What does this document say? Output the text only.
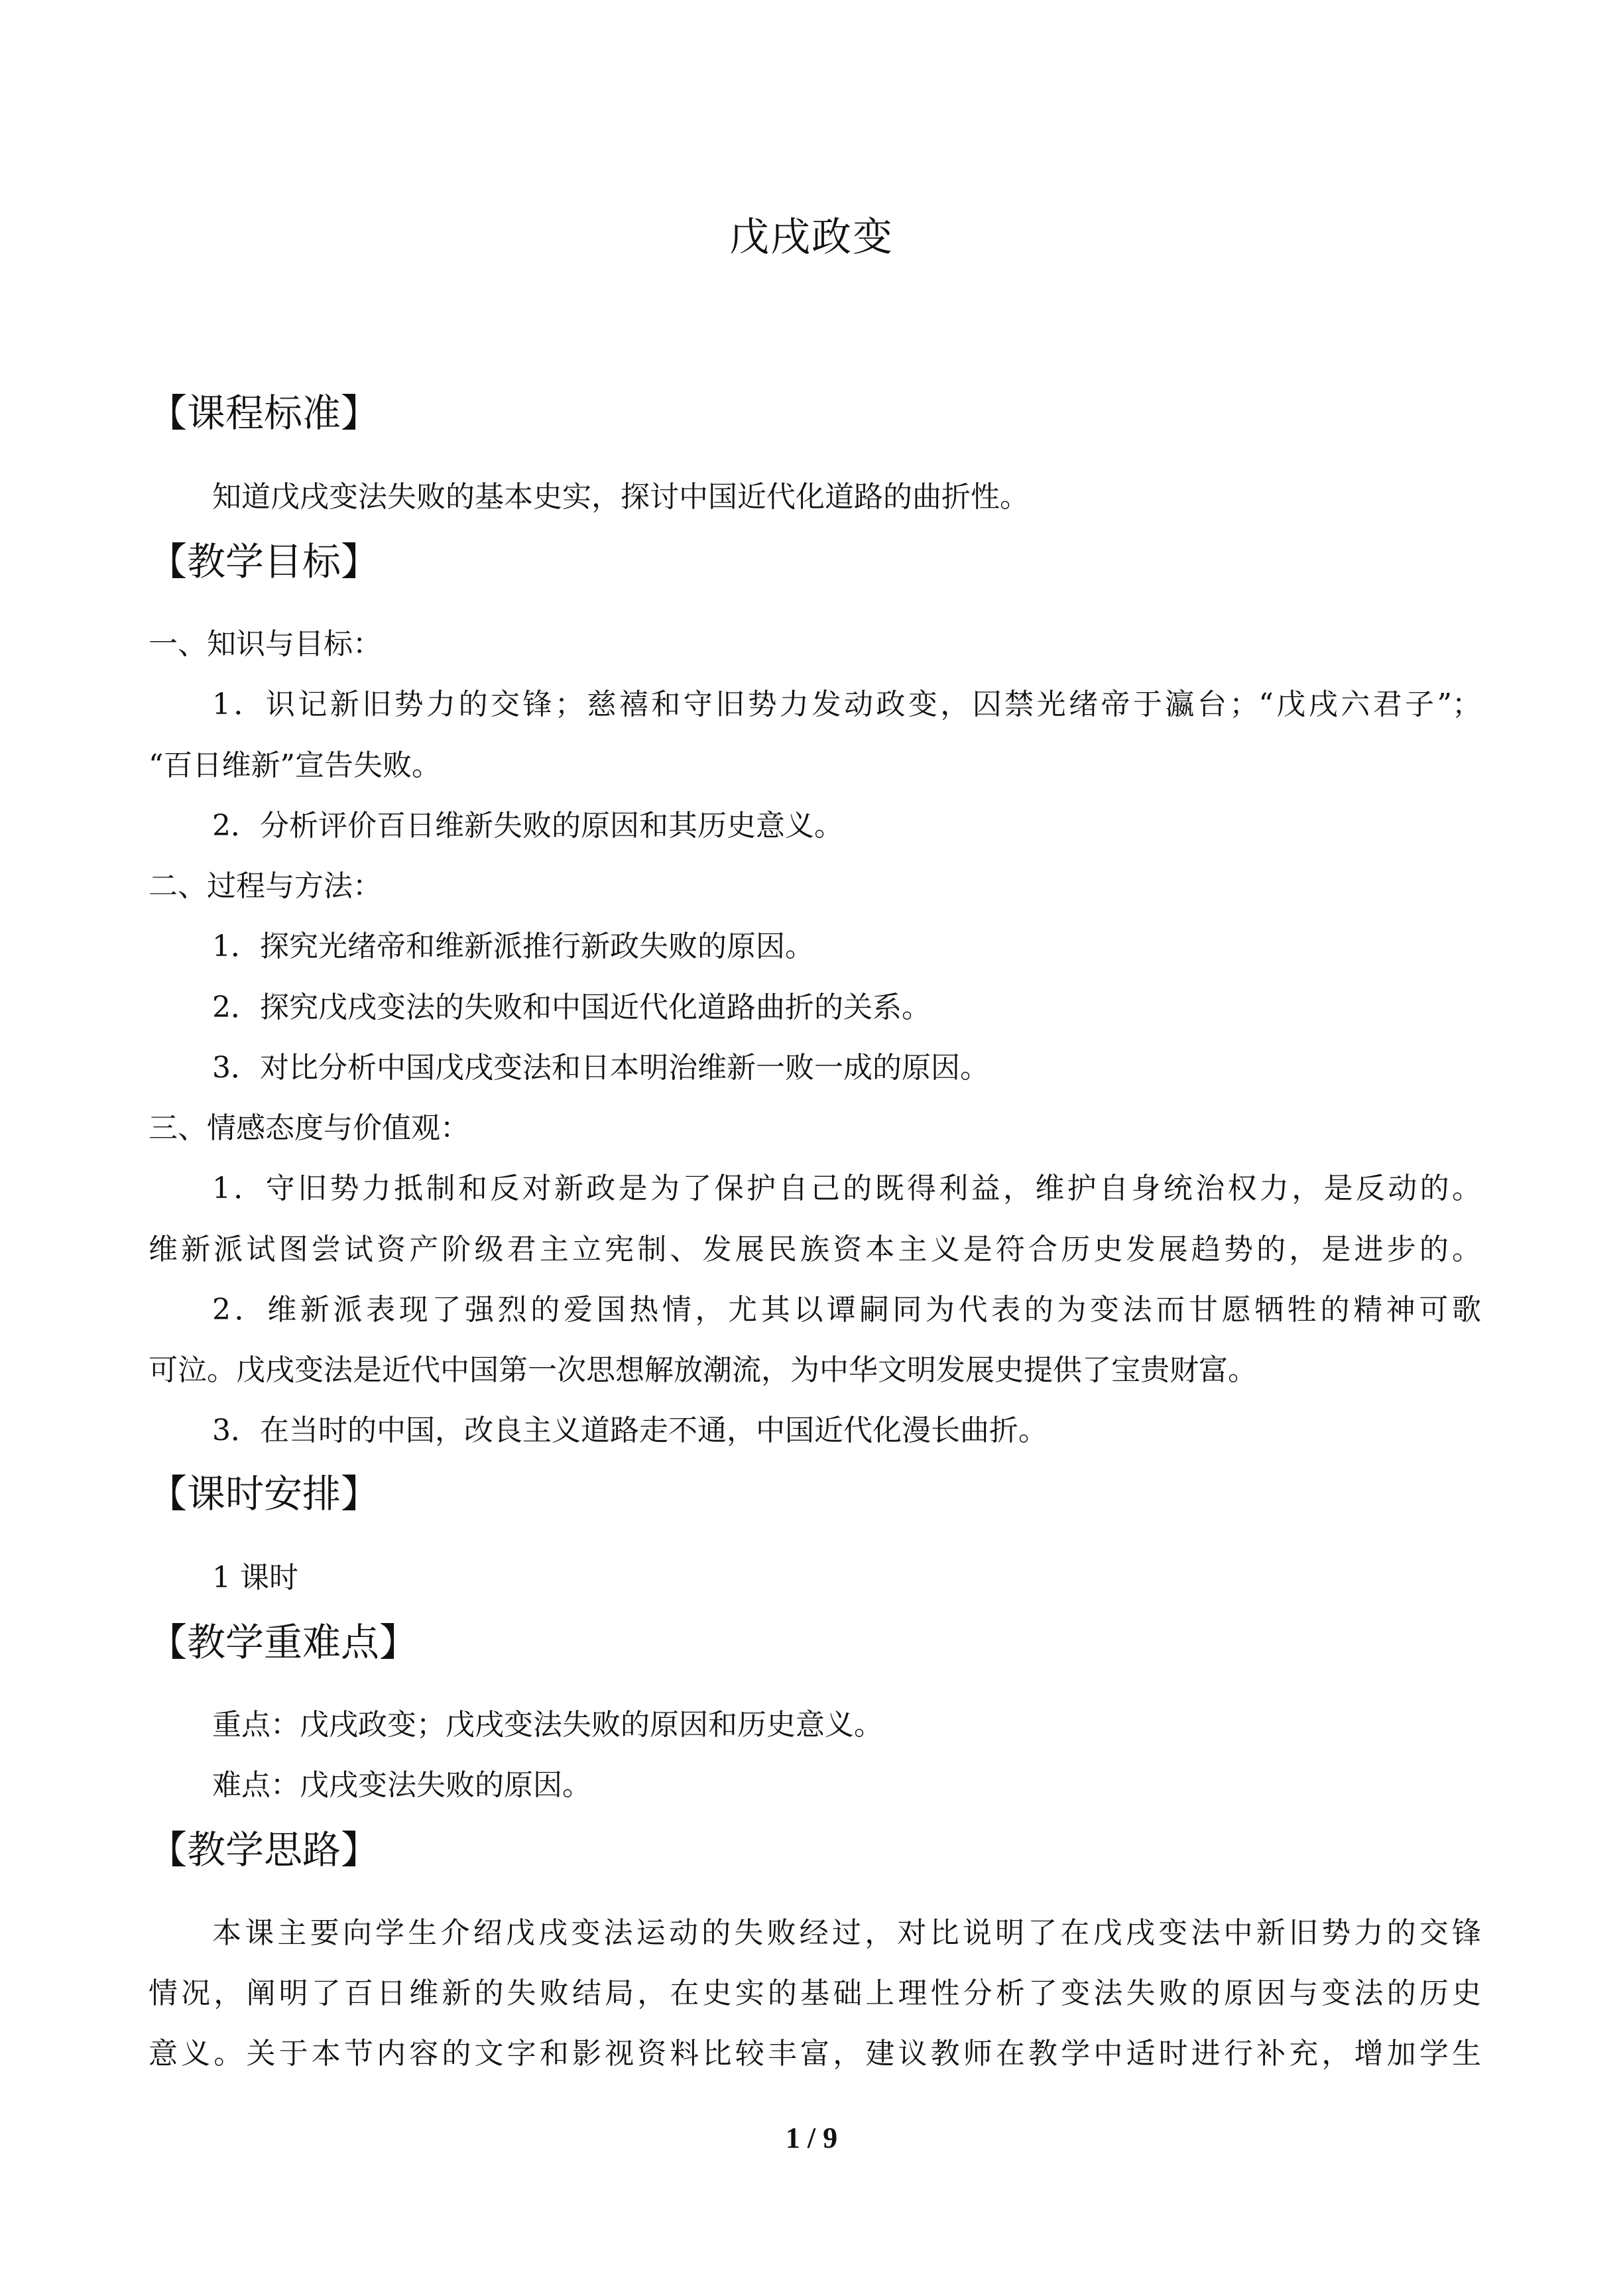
戊戌政变
【课程标准】
知道戊戌变法失败的基本史实，探讨中国近代化道路的曲折性。
【教学目标】
一、知识与目标：
1．识记新旧势力的交锋；慈禧和守旧势力发动政变，囚禁光绪帝于瀛台；“戊戌六君子”；
“百日维新”宣告失败。
2．分析评价百日维新失败的原因和其历史意义。
二、过程与方法：
1．探究光绪帝和维新派推行新政失败的原因。
2．探究戊戌变法的失败和中国近代化道路曲折的关系。
3．对比分析中国戊戌变法和日本明治维新一败一成的原因。
三、情感态度与价值观：
1．守旧势力抵制和反对新政是为了保护自己的既得利益，维护自身统治权力，是反动的。
维新派试图尝试资产阶级君主立宪制、发展民族资本主义是符合历史发展趋势的，是进步的。
2．维新派表现了强烈的爱国热情，尤其以谭嗣同为代表的为变法而甘愿牺牲的精神可歌
可泣。戊戌变法是近代中国第一次思想解放潮流，为中华文明发展史提供了宝贵财富。
3．在当时的中国，改良主义道路走不通，中国近代化漫长曲折。
【课时安排】
1 课时
【教学重难点】
重点：戊戌政变；戊戌变法失败的原因和历史意义。
难点：戊戌变法失败的原因。
【教学思路】
本课主要向学生介绍戊戌变法运动的失败经过，对比说明了在戊戌变法中新旧势力的交锋
情况，阐明了百日维新的失败结局，在史实的基础上理性分析了变法失败的原因与变法的历史
意义。关于本节内容的文字和影视资料比较丰富，建议教师在教学中适时进行补充，增加学生
1 / 9
